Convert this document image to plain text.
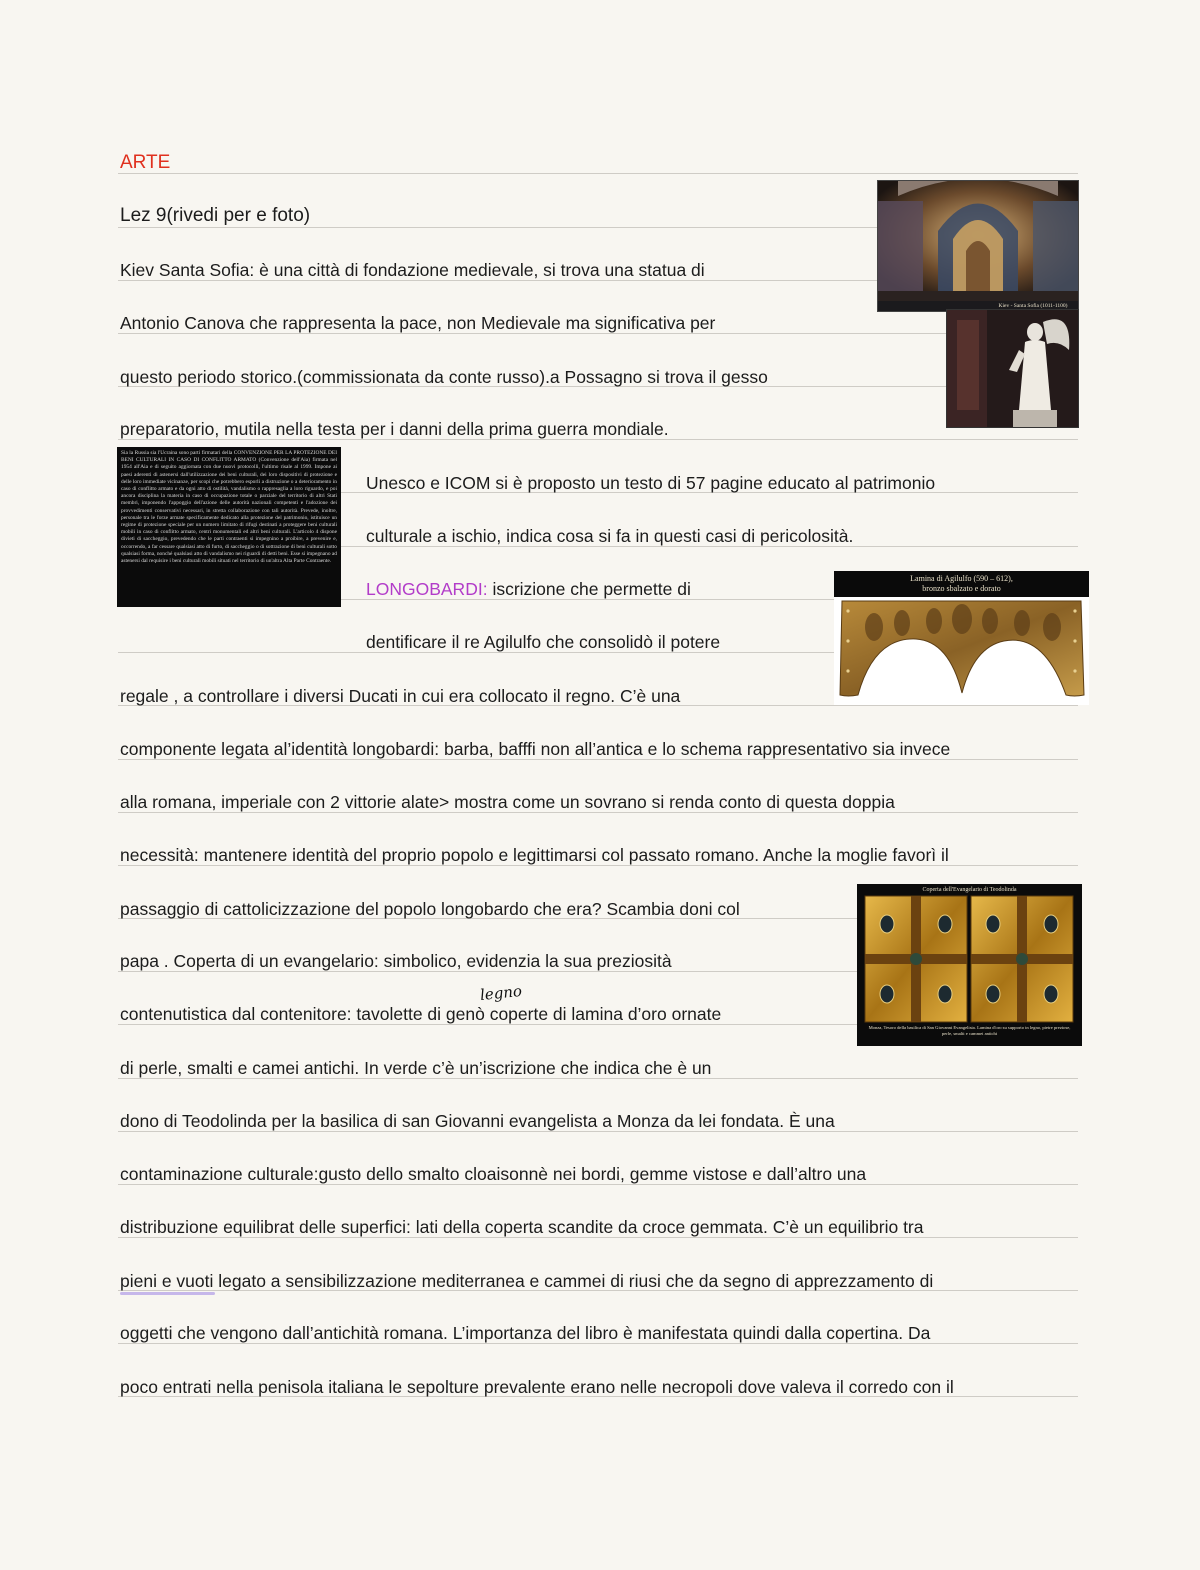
ARTE
Lez 9(rivedi per e foto)
Kiev Santa Sofia: è una città di fondazione medievale, si trova una statua di
Antonio Canova che rappresenta la pace, non Medievale ma significativa per
questo periodo storico.(commissionata da conte russo).a Possagno si trova il gesso
preparatorio, mutila nella testa per i danni della prima guerra mondiale.
Unesco e ICOM si è proposto un testo di 57 pagine educato al patrimonio
culturale a ischio, indica cosa si fa in questi casi di pericolosità.
LONGOBARDI: iscrizione che permette di
dentificare il re Agilulfo che consolidò il potere
regale , a controllare i diversi Ducati in cui era collocato il regno. C’è una
componente legata al’identità longobardi: barba, bafffi non all’antica e lo schema rappresentativo sia invece
alla romana, imperiale con 2 vittorie alate> mostra come un sovrano si renda conto di questa doppia
necessità: mantenere identità del proprio popolo e legittimarsi col passato romano. Anche la moglie favorì il
passaggio di cattolicizzazione del popolo longobardo che era? Scambia doni col
papa . Coperta di un evangelario: simbolico, evidenzia la sua preziosità
contenutistica dal contenitore: tavolette di genò coperte di lamina d’oro ornate
di perle, smalti e camei antichi. In verde c’è un’iscrizione che indica che è un
dono di Teodolinda per la basilica di san Giovanni evangelista a Monza da lei fondata. È una
contaminazione culturale:gusto dello smalto cloaisonnè nei bordi, gemme vistose e dall’altro una
distribuzione equilibrat delle superfici: lati della coperta scandite da croce gemmata. C’è un equilibrio tra
pieni e vuoti legato a sensibilizzazione mediterranea e cammei di riusi che da segno di apprezzamento di
oggetti che vengono dall’antichità romana. L’importanza del libro è manifestata quindi dalla copertina. Da
poco entrati nella penisola italiana le sepolture prevalente erano nelle necropoli dove valeva il corredo con il
legno
Kiev - Santa Sofia (1011-1100)
Sia la Russia sia l'Ucraina sono parti firmatari della CONVENZIONE PER LA PROTEZIONE DEI BENI CULTURALI IN CASO DI CONFLITTO ARMATO (Convenzione dell'Aia) firmata nel 1954 all'Aia e di seguito aggiornata con due nuovi protocolli, l'ultimo risale al 1999. Impone ai paesi aderenti di astenersi dall'utilizzazione dei beni culturali, dei loro dispositivi di protezione e delle loro immediate vicinanze, per scopi che potrebbero esporli a distruzione o a deterioramento in caso di conflitto armato e da ogni atto di ostilità, vandalismo o rappresaglia a loro riguardo, e poi ancora disciplina la materia in caso di occupazione totale o parziale del territorio di altri Stati membri, imponendo l'appoggio dell'azione delle autorità nazionali competenti e l'adozione dei provvedimenti conservativi necessari, in stretta collaborazione con tali autorità. Prevede, inoltre, personale tra le forze armate specificamente dedicato alla protezione del patrimonio, istituisce un regime di protezione speciale per un numero limitato di rifugi destinati a proteggere beni culturali mobili in caso di conflitto armato, centri monumentali ed altri beni culturali. L'articolo 4 dispone divieti di saccheggio, prevedendo che le parti contraenti si impegnino a proibire, a prevenire e, occorrendo, a far cessare qualsiasi atto di furto, di saccheggio o di sottrazione di beni culturali sotto qualsiasi forma, nonché qualsiasi atto di vandalismo nei riguardi di detti beni. Esse si impegnano ad astenersi dal requisire i beni culturali mobili situati nel territorio di un'altra Alta Parte Contraente.
Lamina di Agilulfo (590 – 612),
bronzo sbalzato e dorato
Coperta dell'Evangelario di Teodolinda
Monza, Tesoro della basilica di San Giovanni Evangelista. Lamina d'oro su supporto in legno, pietre preziose, perle, smalti e cammei antichi
